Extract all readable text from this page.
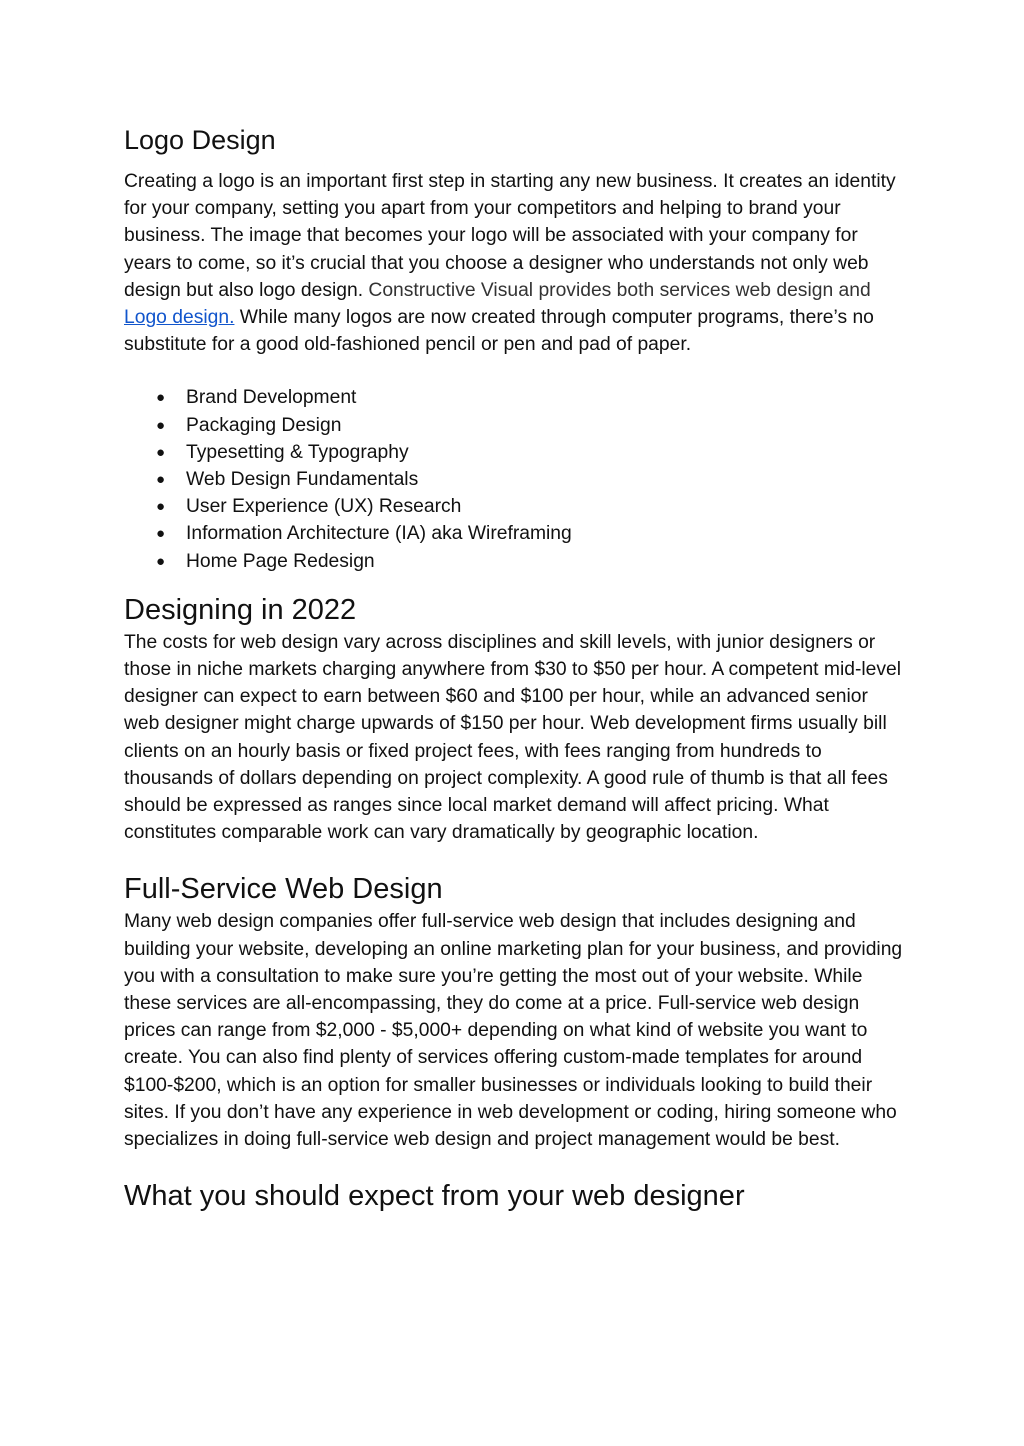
Logo Design

Creating a logo is an important first step in starting any new business. It creates an identity for your company, setting you apart from your competitors and helping to brand your business. The image that becomes your logo will be associated with your company for years to come, so it’s crucial that you choose a designer who understands not only web design but also logo design. Constructive Visual provides both services web design and Logo design. While many logos are now created through computer programs, there’s no substitute for a good old-fashioned pencil or pen and pad of paper.

● Brand Development
● Packaging Design
● Typesetting & Typography
● Web Design Fundamentals
● User Experience (UX) Research
● Information Architecture (IA) aka Wireframing
● Home Page Redesign
Designing in 2022

The costs for web design vary across disciplines and skill levels, with junior designers or those in niche markets charging anywhere from $30 to $50 per hour. A competent mid-level designer can expect to earn between $60 and $100 per hour, while an advanced senior web designer might charge upwards of $150 per hour. Web development firms usually bill clients on an hourly basis or fixed project fees, with fees ranging from hundreds to thousands of dollars depending on project complexity. A good rule of thumb is that all fees should be expressed as ranges since local market demand will affect pricing. What constitutes comparable work can vary dramatically by geographic location.

Full-Service Web Design

Many web design companies offer full-service web design that includes designing and building your website, developing an online marketing plan for your business, and providing you with a consultation to make sure you’re getting the most out of your website. While these services are all-encompassing, they do come at a price. Full-service web design prices can range from $2,000 - $5,000+ depending on what kind of website you want to create. You can also find plenty of services offering custom-made templates for around $100-$200, which is an option for smaller businesses or individuals looking to build their sites. If you don’t have any experience in web development or coding, hiring someone who specializes in doing full-service web design and project management would be best.

What you should expect from your web designer
